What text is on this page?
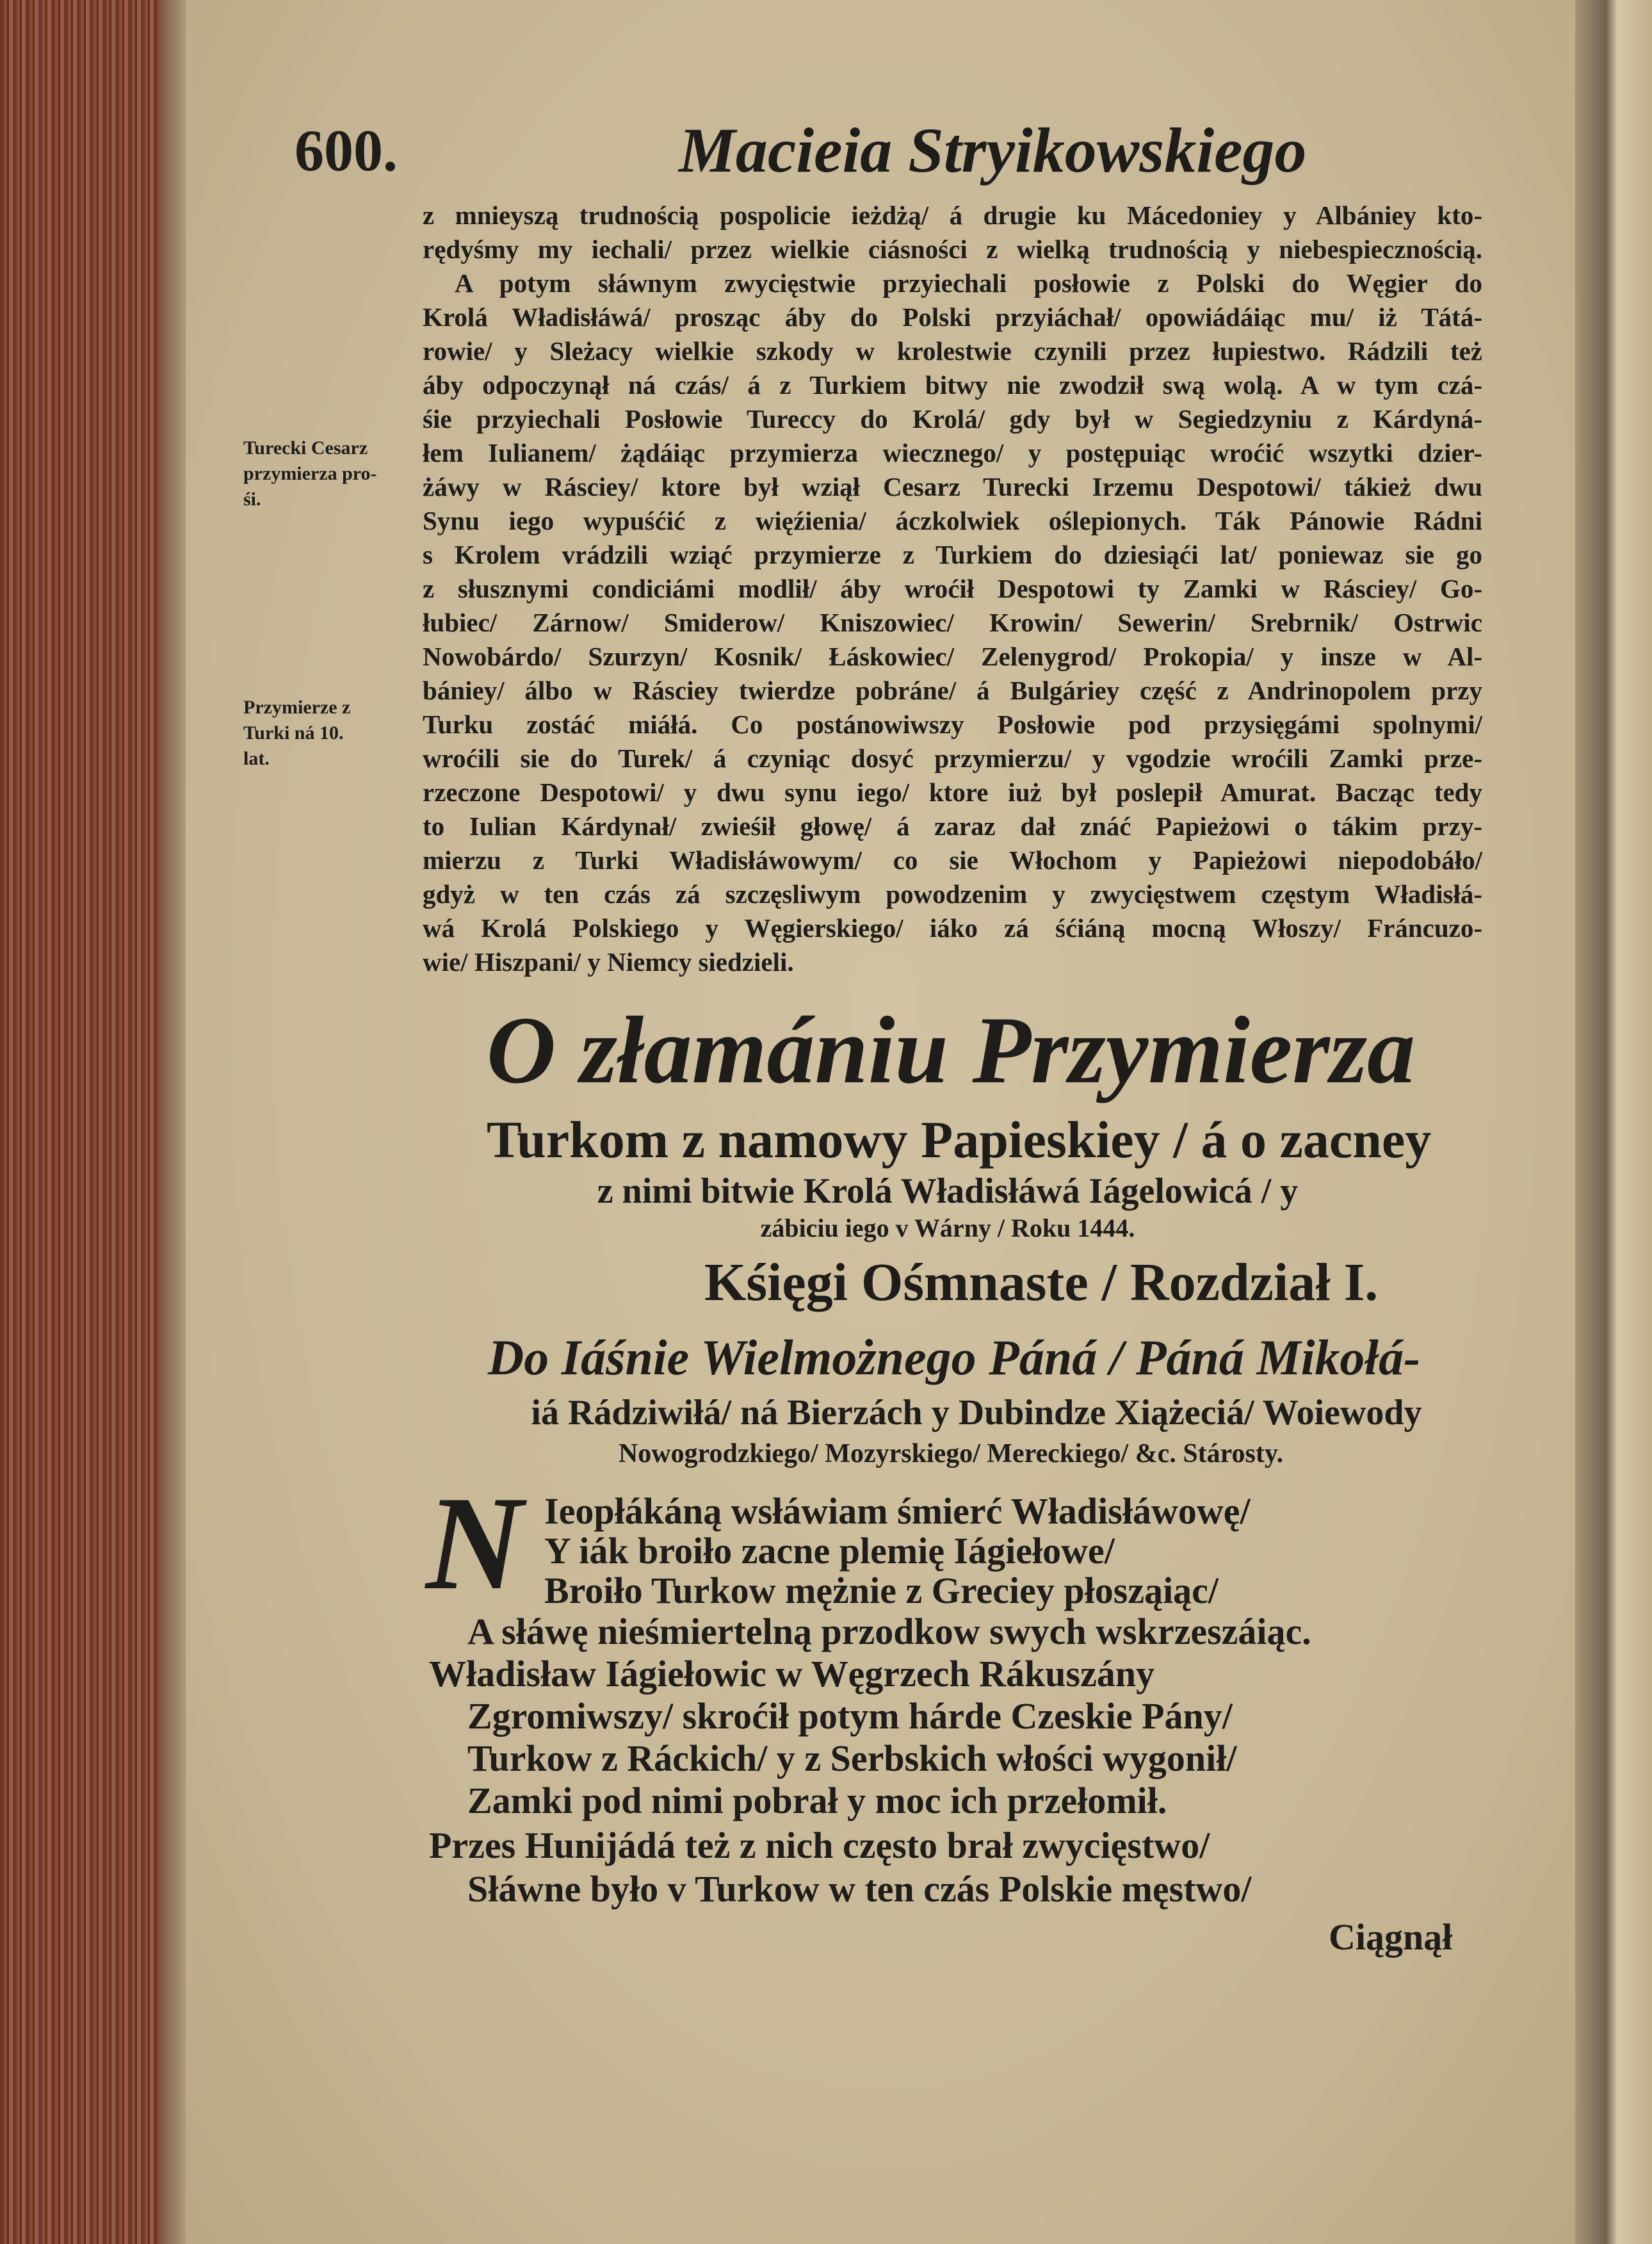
600.	Macieia Stryikowskiego
z mnieyszą trudnością pospolicie ieżdżą/ á drugie ku Mácedoniey y Albániey kto-
rędyśmy my iechali/ przez wielkie ciásności z wielką trudnością y niebespiecznością.
A potym słáwnym zwycięstwie przyiechali posłowie z Polski do Węgier do
Krolá Władisłáwá/ prosząc áby do Polski przyiáchał/ opowiádáiąc mu/ iż Tátá-
rowie/ y Sleżacy wielkie szkody w krolestwie czynili przez łupiestwo. Rádzili też
áby odpoczynął ná czás/ á z Turkiem bitwy nie zwodził swą wolą. A w tym czá-
śie przyiechali Posłowie Tureccy do Krolá/ gdy był w Segiedzyniu z Kárdyná-
łem Iulianem/ żądáiąc przymierza wiecznego/ y postępuiąc wroćić wszytki dzier-
żáwy w Rásciey/ ktore był wziął Cesarz Turecki Irzemu Despotowi/ tákież dwu
Synu iego wypuśćić z więźienia/ áczkolwiek oślepionych. Ták Pánowie Rádni
s Krolem vrádzili wziąć przymierze z Turkiem do dziesiąći lat/ poniewaz sie go
z słusznymi condiciámi modlił/ áby wroćił Despotowi ty Zamki w Rásciey/ Go-
łubiec/ Zárnow/ Smiderow/ Kniszowiec/ Krowin/ Sewerin/ Srebrnik/ Ostrwic
Nowobárdo/ Szurzyn/ Kosnik/ Łáskowiec/ Zelenygrod/ Prokopia/ y insze w Al-
bániey/ álbo w Rásciey twierdze pobráne/ á Bulgáriey część z Andrinopolem przy
Turku zostáć miáłá. Co postánowiwszy Posłowie pod przysięgámi spolnymi/
wroćili sie do Turek/ á czyniąc dosyć przymierzu/ y vgodzie wroćili Zamki prze-
rzeczone Despotowi/ y dwu synu iego/ ktore iuż był poslepił Amurat. Bacząc tedy
to Iulian Kárdynał/ zwieśił głowę/ á zaraz dał znáć Papieżowi o tákim przy-
mierzu z Turki Władisłáwowym/ co sie Włochom y Papieżowi niepodobáło/
gdyż w ten czás zá szczęsliwym powodzenim y zwycięstwem częstym Władisłá-
wá Krolá Polskiego y Węgierskiego/ iáko zá śćiáną mocną Włoszy/ Fráncuzo-
wie/ Hiszpani/ y Niemcy siedzieli.
Turecki Cesarz
przymierza pro-
śi.
Przymierze z
Turki ná 10.
lat.
O złamániu Przymierza
Turkom z namowy Papieskiey / á o zacney
z nimi bitwie Krolá Władisłáwá Iágelowicá / y
zábiciu iego v Wárny / Roku 1444.
Kśięgi Ośmnaste / Rozdział I.
Do Iáśnie Wielmożnego Páná / Páná Mikołá-
iá Rádziwiłá/ ná Bierzách y Dubindze Xiążeciá/ Woiewody
Nowogrodzkiego/ Mozyrskiego/ Mereckiego/ &c. Stárosty.
N Ieopłákáną wsłáwiam śmierć Władisłáwowę/
Y iák broiło zacne plemię Iágiełowe/
Broiło Turkow mężnie z Greciey płosząiąc/
A słáwę nieśmiertelną przodkow swych wskrzeszáiąc.
Władisław Iágiełowic w Węgrzech Rákuszány
Zgromiwszy/ skroćił potym hárde Czeskie Pány/
Turkow z Ráckich/ y z Serbskich włości wygonił/
Zamki pod nimi pobrał y moc ich przełomił.
Przes Hunijádá też z nich często brał zwycięstwo/
Słáwne było v Turkow w ten czás Polskie męstwo/
Ciągnął
